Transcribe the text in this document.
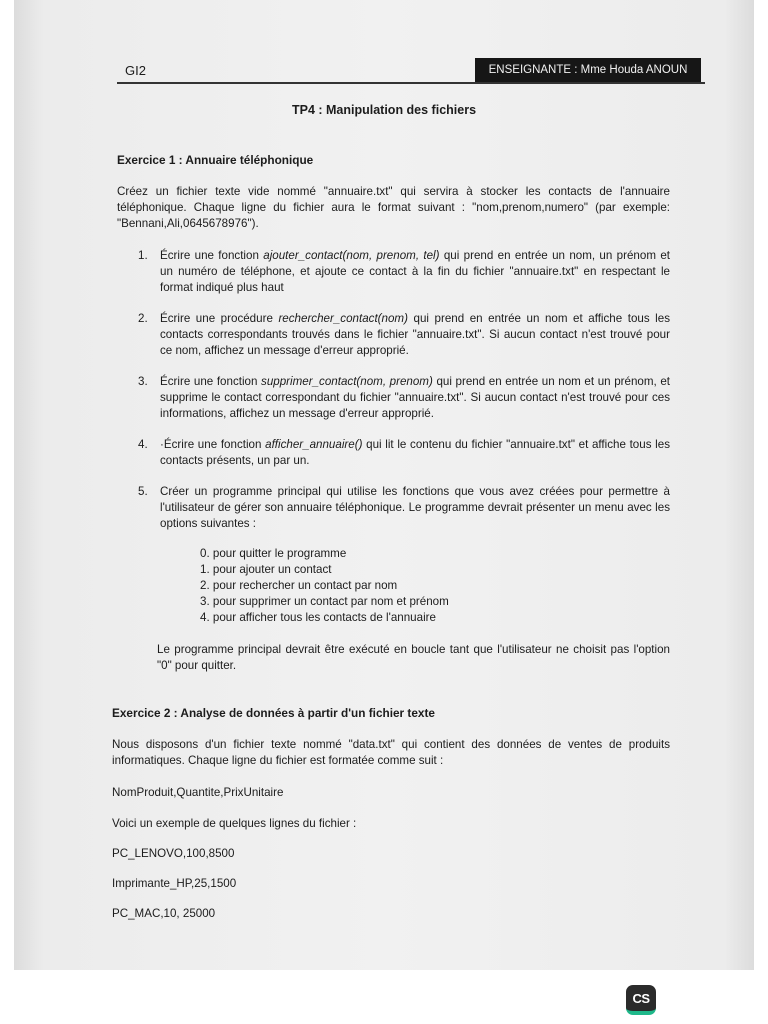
GI2	ENSEIGNANTE : Mme Houda ANOUN
TP4 : Manipulation des fichiers
Exercice 1 : Annuaire téléphonique
Créez un fichier texte vide nommé "annuaire.txt" qui servira à stocker les contacts de l'annuaire téléphonique. Chaque ligne du fichier aura le format suivant : "nom,prenom,numero" (par exemple: "Bennani,Ali,0645678976").
1. Écrire une fonction ajouter_contact(nom, prenom, tel) qui prend en entrée un nom, un prénom et un numéro de téléphone, et ajoute ce contact à la fin du fichier "annuaire.txt" en respectant le format indiqué plus haut
2. Écrire une procédure rechercher_contact(nom) qui prend en entrée un nom et affiche tous les contacts correspondants trouvés dans le fichier "annuaire.txt". Si aucun contact n'est trouvé pour ce nom, affichez un message d'erreur approprié.
3. Écrire une fonction supprimer_contact(nom, prenom) qui prend en entrée un nom et un prénom, et supprime le contact correspondant du fichier "annuaire.txt". Si aucun contact n'est trouvé pour ces informations, affichez un message d'erreur approprié.
4. ·Écrire une fonction afficher_annuaire() qui lit le contenu du fichier "annuaire.txt" et affiche tous les contacts présents, un par un.
5. Créer un programme principal qui utilise les fonctions que vous avez créées pour permettre à l'utilisateur de gérer son annuaire téléphonique. Le programme devrait présenter un menu avec les options suivantes :
0. pour quitter le programme
1. pour ajouter un contact
2. pour rechercher un contact par nom
3. pour supprimer un contact par nom et prénom
4. pour afficher tous les contacts de l'annuaire
Le programme principal devrait être exécuté en boucle tant que l'utilisateur ne choisit pas l'option "0" pour quitter.
Exercice 2 : Analyse de données à partir d'un fichier texte
Nous disposons d'un fichier texte nommé "data.txt" qui contient des données de ventes de produits informatiques. Chaque ligne du fichier est formatée comme suit :
NomProduit,Quantite,PrixUnitaire
Voici un exemple de quelques lignes du fichier :
PC_LENOVO,100,8500
Imprimante_HP,25,1500
PC_MAC,10, 25000
CS
